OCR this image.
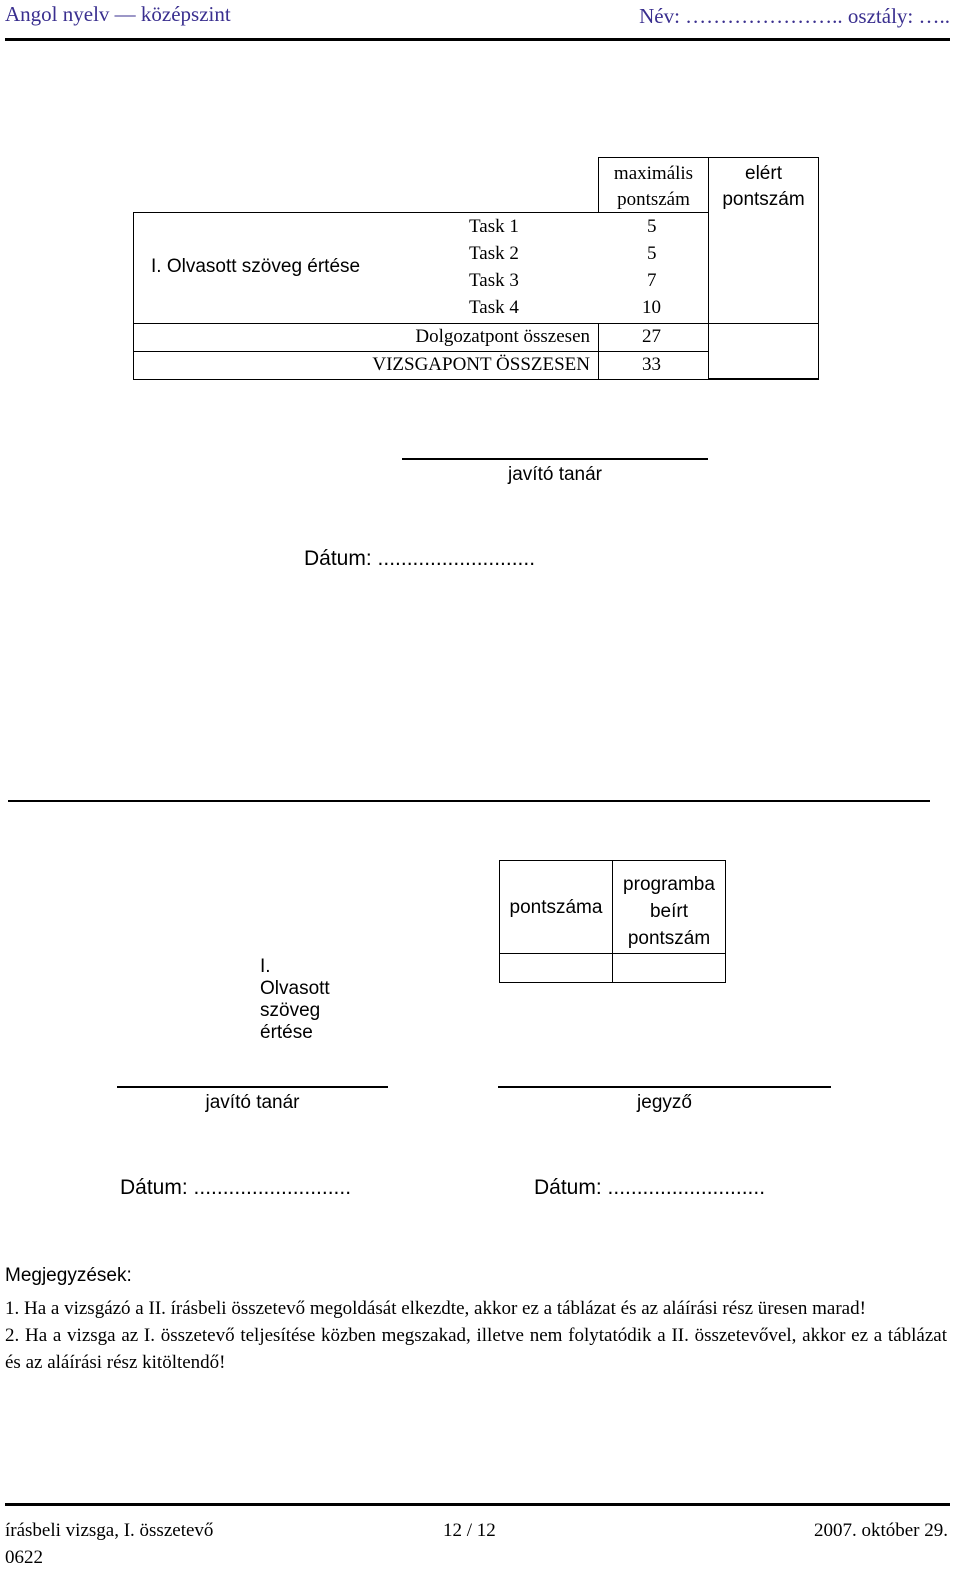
Angol nyelv — középszint	Név: ………………….. osztály: …..
maximális pontszám
elért pontszám
I. Olvasott szöveg értése
Task 1	5
Task 2	5
Task 3	7
Task 4	10
Dolgozatpont összesen	27
VIZSGAPONT ÖSSZESEN	33
javító tanár
Dátum: ...........................
pontszáma
programba beírt pontszám
I. Olvasott szöveg értése
javító tanár	jegyző
Dátum: ...........................	Dátum: ...........................

Megjegyzések:

1. Ha a vizsgázó a II. írásbeli összetevő megoldását elkezdte, akkor ez a táblázat és az aláírási rész üresen marad!

2. Ha a vizsga az I. összetevő teljesítése közben megszakad, illetve nem folytatódik a II. összetevővel, akkor ez a táblázat és az aláírási rész kitöltendő!

írásbeli vizsga, I. összetevő	12 / 12	2007. október 29.
0622
